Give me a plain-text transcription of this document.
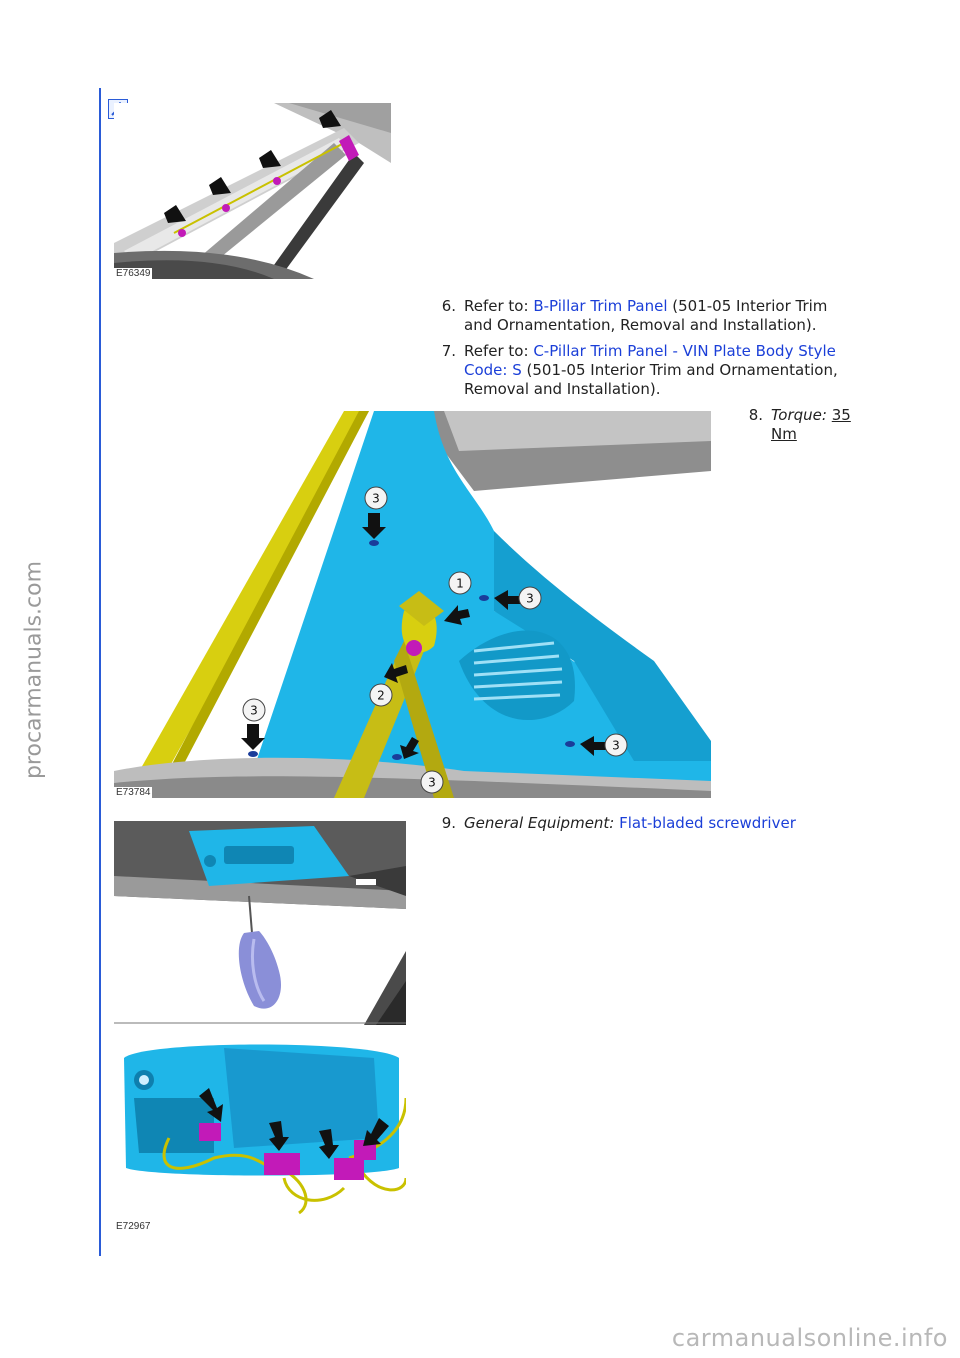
procarmanuals.com
E76349
6. Refer to: B-Pillar Trim Panel (501-05 Interior Trim
and Ornamentation, Removal and Installation).
7. Refer to: C-Pillar Trim Panel - VIN Plate Body Style
Code: S (501-05 Interior Trim and Ornamentation,
Removal and Installation).
E73784
3
1
3
2
3
3
3
8. Torque: 35
Nm
E72967
9. General Equipment: Flat-bladed screwdriver
carmanualsonline.info
